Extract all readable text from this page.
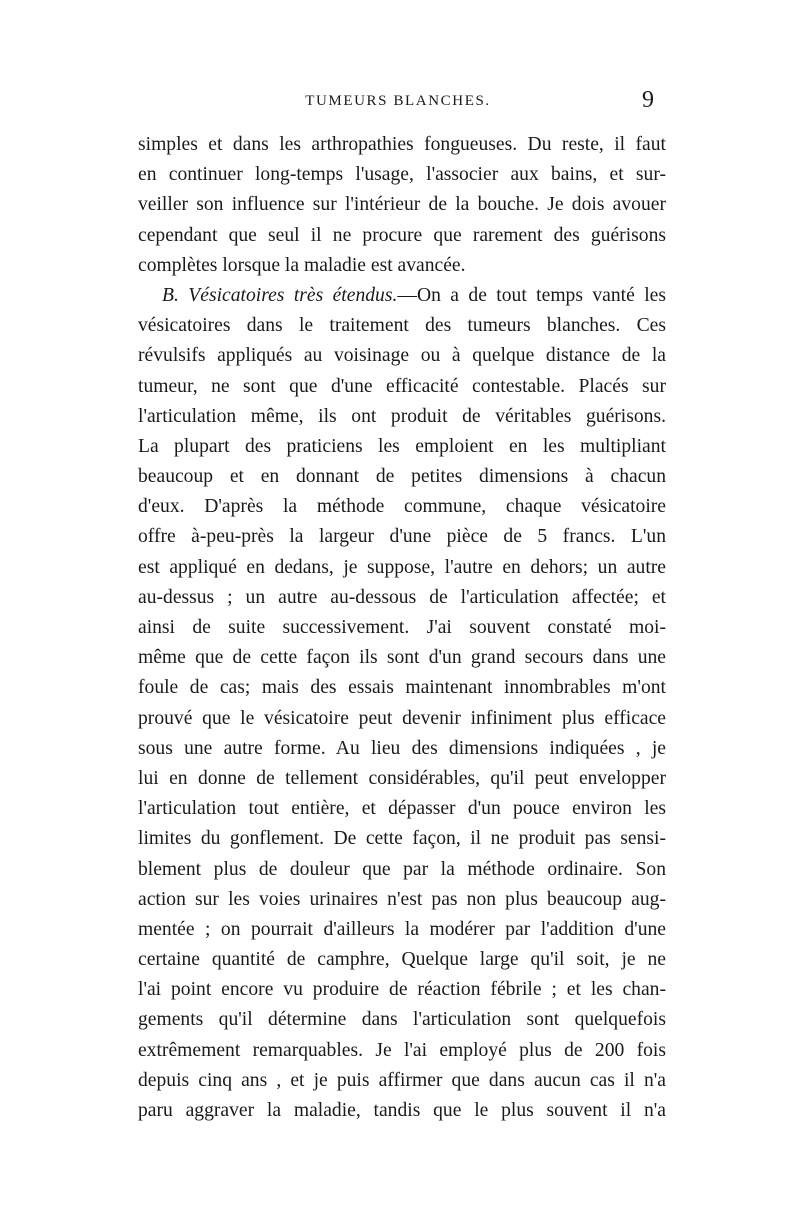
TUMEURS BLANCHES.	9
simples et dans les arthropathies fongueuses. Du reste, il faut
en continuer long-temps l'usage, l'associer aux bains, et sur-
veiller son influence sur l'intérieur de la bouche. Je dois avouer
cependant que seul il ne procure que rarement des guérisons
complètes lorsque la maladie est avancée.
B. Vésicatoires très étendus.—On a de tout temps vanté les
vésicatoires dans le traitement des tumeurs blanches. Ces
révulsifs appliqués au voisinage ou à quelque distance de la
tumeur, ne sont que d'une efficacité contestable. Placés sur
l'articulation même, ils ont produit de véritables guérisons.
La plupart des praticiens les emploient en les multipliant
beaucoup et en donnant de petites dimensions à chacun
d'eux. D'après la méthode commune, chaque vésicatoire
offre à-peu-près la largeur d'une pièce de 5 francs. L'un
est appliqué en dedans, je suppose, l'autre en dehors; un autre
au-dessus ; un autre au-dessous de l'articulation affectée; et
ainsi de suite successivement. J'ai souvent constaté moi-
même que de cette façon ils sont d'un grand secours dans une
foule de cas; mais des essais maintenant innombrables m'ont
prouvé que le vésicatoire peut devenir infiniment plus efficace
sous une autre forme. Au lieu des dimensions indiquées , je
lui en donne de tellement considérables, qu'il peut envelopper
l'articulation tout entière, et dépasser d'un pouce environ les
limites du gonflement. De cette façon, il ne produit pas sensi-
blement plus de douleur que par la méthode ordinaire. Son
action sur les voies urinaires n'est pas non plus beaucoup aug-
mentée ; on pourrait d'ailleurs la modérer par l'addition d'une
certaine quantité de camphre, Quelque large qu'il soit, je ne
l'ai point encore vu produire de réaction fébrile ; et les chan-
gements qu'il détermine dans l'articulation sont quelquefois
extrêmement remarquables. Je l'ai employé plus de 200 fois
depuis cinq ans , et je puis affirmer que dans aucun cas il n'a
paru aggraver la maladie, tandis que le plus souvent il n'a
